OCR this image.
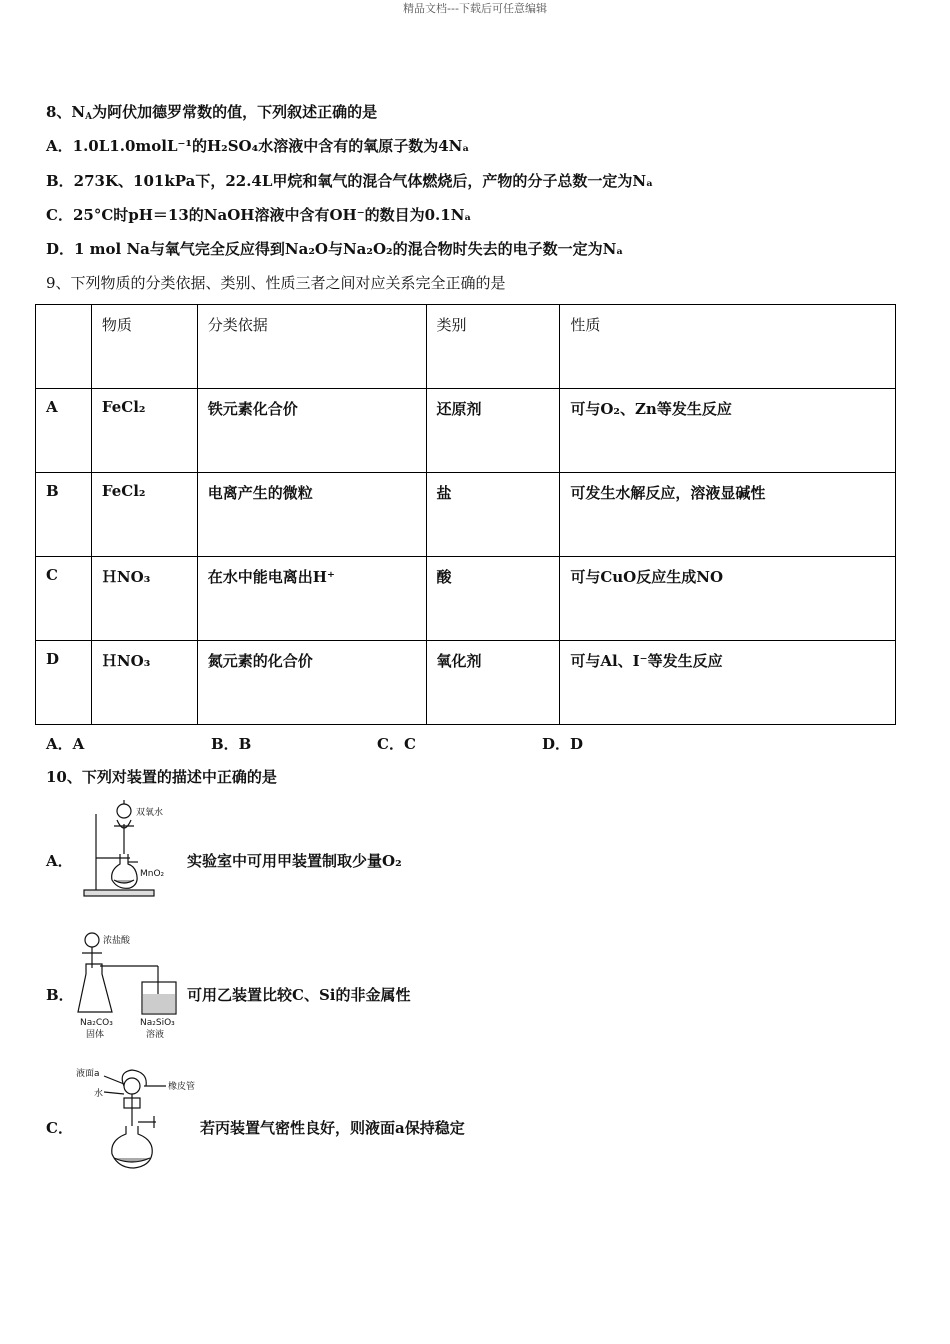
精品文档---下载后可任意编辑
8、$N_A$为阿伏加德罗常数的值，下列叙述正确的是
A．1.0L1.0molL⁻¹的H₂SO₄水溶液中含有的氧原子数为4Nₐ
B．273K、101kPa下，22.4L甲烷和氧气的混合气体燃烧后，产物的分子总数一定为Nₐ
C．25°C时pH＝13的NaOH溶液中含有OH⁻的数目为0.1Nₐ
D．1 mol Na与氧气完全反应得到Na₂O与Na₂O₂的混合物时失去的电子数一定为Nₐ
9、下列物质的分类依据、类别、性质三者之间对应关系完全正确的是
	物质	分类依据	类别	性质
A	FeCl₂	铁元素化合价	还原剂	可与O₂、Zn等发生反应
B	FeCl₂	电离产生的微粒	盐	可发生水解反应，溶液显碱性
C	ＨNO₃	在水中能电离出H⁺	酸	可与CuO反应生成NO
D	ＨNO₃	氮元素的化合价	氧化剂	可与Al、I⁻等发生反应
A．A	B．B	C．C	D．D
10、下列对装置的描述中正确的是
A．
双氧水
MnO₂
实验室中可用甲装置制取少量O₂
B．
浓盐酸
Na₂CO₃
固体
Na₂SiO₃
溶液
可用乙装置比较C、Si的非金属性
C．
液面a
水
橡皮管
若丙装置气密性良好，则液面a保持稳定
